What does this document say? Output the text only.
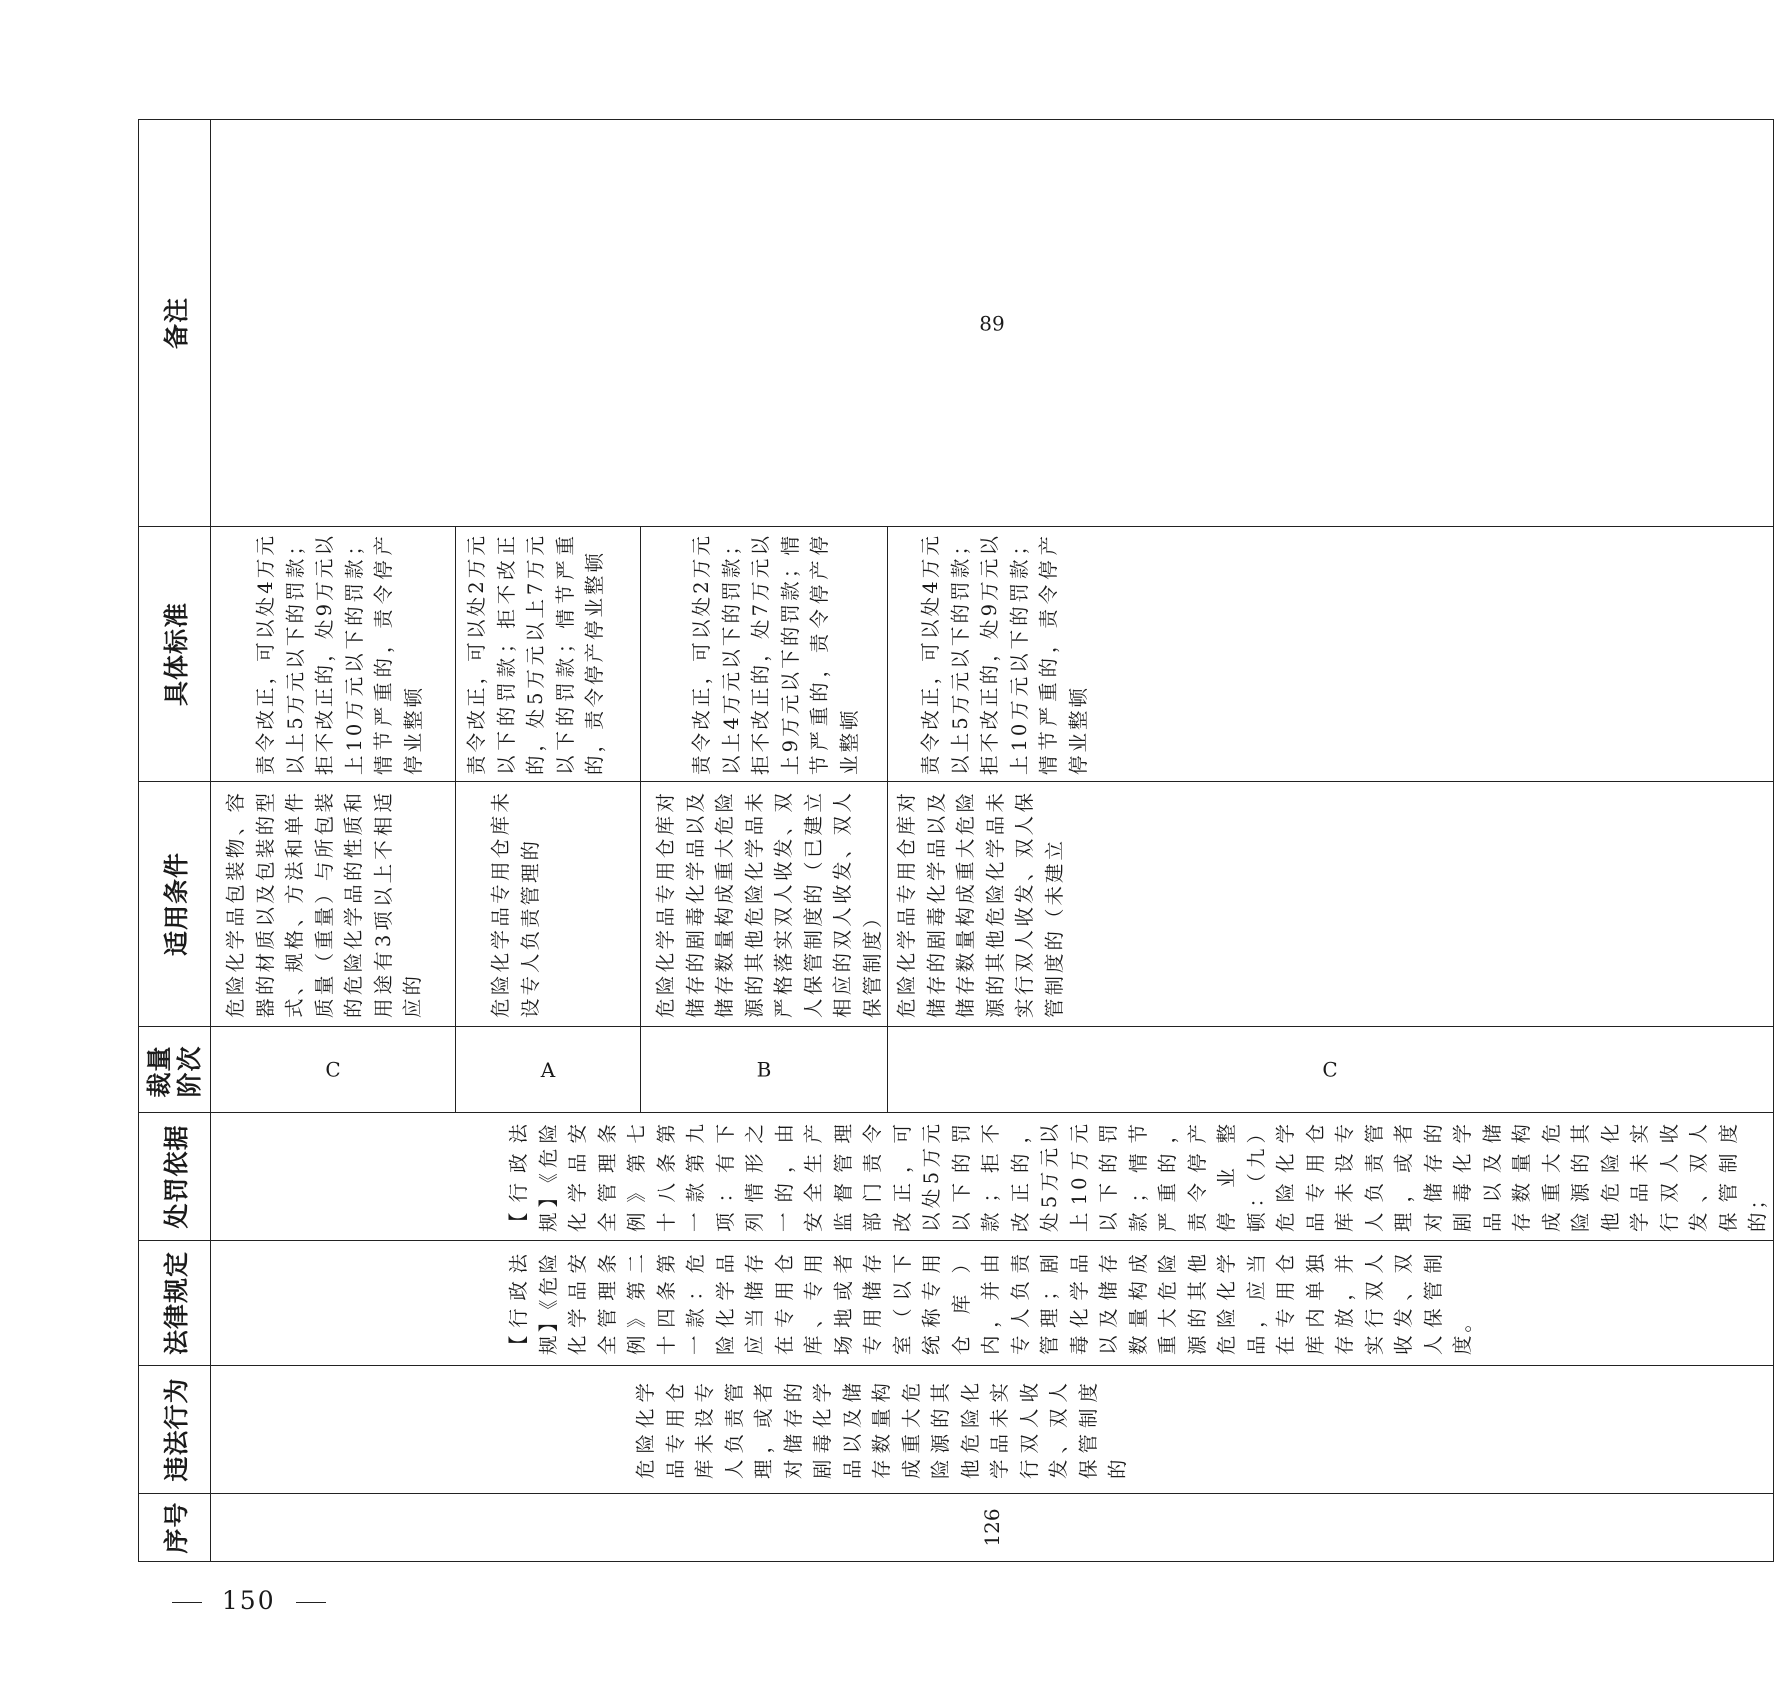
序号	违法行为	法律规定	处罚依据	裁量阶次	适用条件	具体标准	备注
126	危险化学品专用仓库未设专人负责管理，或者对储存的剧毒化学品以及储存数量构成重大危险源的其他危险化学品未实行双人收发、双人保管制度的	【行政法规】《危险化学品安全管理条例》第二十四条第一款：危险化学品应当储存在专用仓库、专用场地或者专用储存室（以下统称专用仓库）内，并由专人负责管理；剧毒化学品以及储存数量构成重大危险源的其他危险化学品，应当在专用仓库内单独存放，并实行双人收发、双人保管制度。	【行政法规】《危险化学品安全管理条例》第七十八条第一款第九项：有下列情形之一的，由安全生产监督管理部门责令改正，可以处5万元以下的罚款；拒不改正的，处5万元以上10万元以下的罚款；情节严重的，责令停产停业整顿：（九）危险化学品专用仓库未设专人负责管理，或者对储存的剧毒化学品以及储存数量构成重大危险源的其他危险化学品未实行双人收发、双人保管制度的；	C	危险化学品包装物、容器的材质以及包装的型式、规格、方法和单件质量（重量）与所包装的危险化学品的性质和用途有3项以上不相适应的	责令改正，可以处4万元以上5万元以下的罚款；拒不改正的，处9万元以上10万元以下的罚款；情节严重的，责令停产停业整顿	89
				A	危险化学品专用仓库未设专人负责管理的	责令改正，可以处2万元以下的罚款；拒不改正的，处5万元以上7万元以下的罚款；情节严重的，责令停产停业整顿	

				B	危险化学品专用仓库对储存的剧毒化学品以及储存数量构成重大危险源的其他危险化学品未严格落实双人收发、双人保管制度的（已建立相应的双人收发、双人保管制度）	责令改正，可以处2万元以上4万元以下的罚款；拒不改正的，处7万元以上9万元以下的罚款；情节严重的，责令停产停业整顿	

				C	危险化学品专用仓库对储存的剧毒化学品以及储存数量构成重大危险源的其他危险化学品未实行双人收发、双人保管制度的（未建立	责令改正，可以处4万元以上5万元以下的罚款；拒不改正的，处9万元以上10万元以下的罚款；情节严重的，责令停产停业整顿	
150
